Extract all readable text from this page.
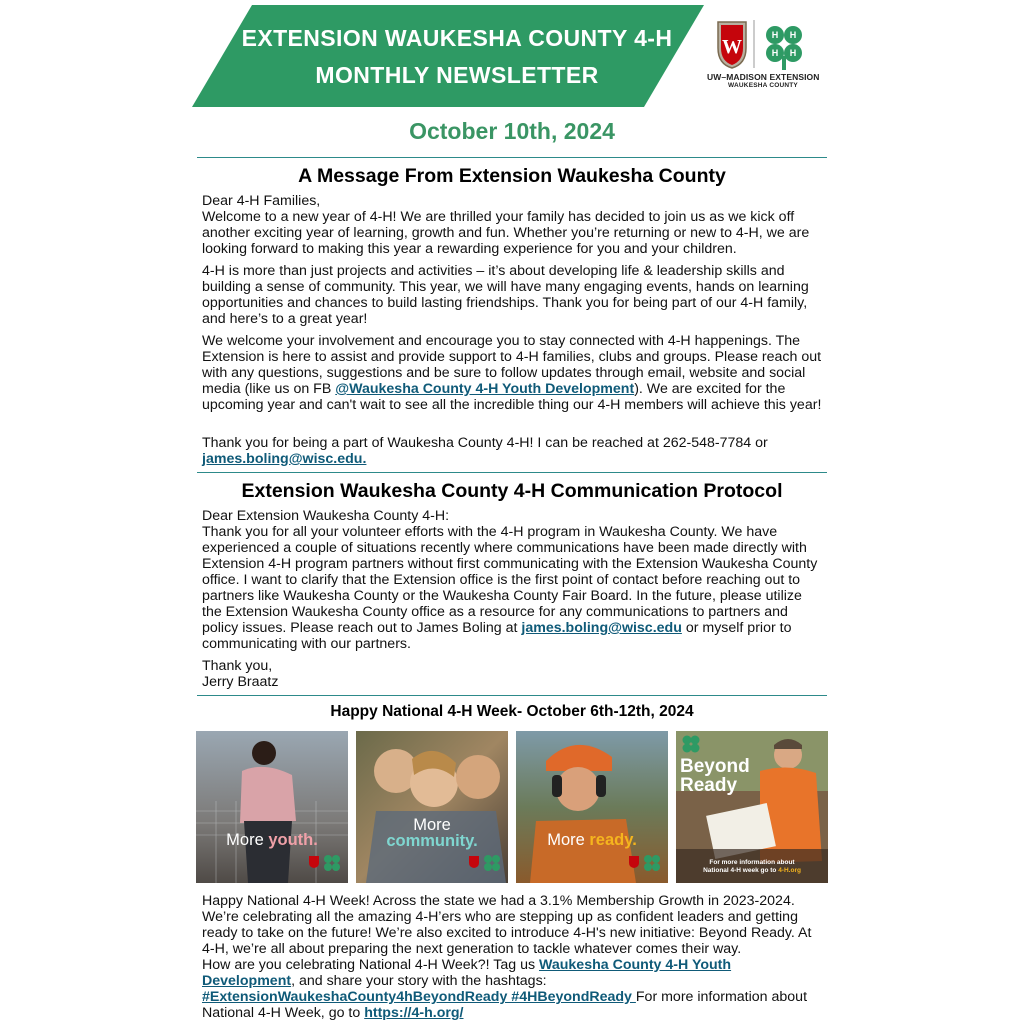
EXTENSION WAUKESHA COUNTY 4-H
MONTHLY NEWSLETTER
W
H H
H H
UW–MADISON EXTENSION
WAUKESHA COUNTY
October 10th, 2024
A Message From Extension Waukesha County
Dear 4-H Families,
Welcome to a new year of 4-H! We are thrilled your family has decided to join us as we kick off another exciting year of learning, growth and fun. Whether you’re returning or new to 4-H, we are looking forward to making this year a rewarding experience for you and your children.
4-H is more than just projects and activities – it’s about developing life & leadership skills and building a sense of community. This year, we will have many engaging events, hands on learning opportunities and chances to build lasting friendships. Thank you for being part of our 4-H family, and here’s to a great year!
We welcome your involvement and encourage you to stay connected with 4-H happenings. The Extension is here to assist and provide support to 4-H families, clubs and groups. Please reach out with any questions, suggestions and be sure to follow updates through email, website and social media (like us on FB @Waukesha County 4-H Youth Development). We are excited for the upcoming year and can't wait to see all the incredible thing our 4-H members will achieve this year!
Thank you for being a part of Waukesha County 4-H! I can be reached at 262-548-7784 or james.boling@wisc.edu.
Extension Waukesha County 4-H Communication Protocol
Dear Extension Waukesha County 4-H:
Thank you for all your volunteer efforts with the 4-H program in Waukesha County. We have experienced a couple of situations recently where communications have been made directly with Extension 4-H program partners without first communicating with the Extension Waukesha County office. I want to clarify that the Extension office is the first point of contact before reaching out to partners like Waukesha County or the Waukesha County Fair Board. In the future, please utilize the Extension Waukesha County office as a resource for any communications to partners and policy issues. Please reach out to James Boling at james.boling@wisc.edu or myself prior to communicating with our partners.
Thank you,
Jerry Braatz
Happy National 4-H Week- October 6th-12th, 2024
More youth.
More
community.	More ready.
Beyond
Ready
For more information about
National 4-H week go to 4-H.org
Happy National 4-H Week! Across the state we had a 3.1% Membership Growth in 2023-2024. We’re celebrating all the amazing 4-H’ers who are stepping up as confident leaders and getting ready to take on the future! We’re also excited to introduce 4-H's new initiative: Beyond Ready. At 4-H, we’re all about preparing the next generation to tackle whatever comes their way.
How are you celebrating National 4-H Week?! Tag us Waukesha County 4-H Youth Development, and share your story with the hashtags: #ExtensionWaukeshaCounty4hBeyondReady #4HBeyondReady For more information about National 4-H Week, go to https://4-h.org/
